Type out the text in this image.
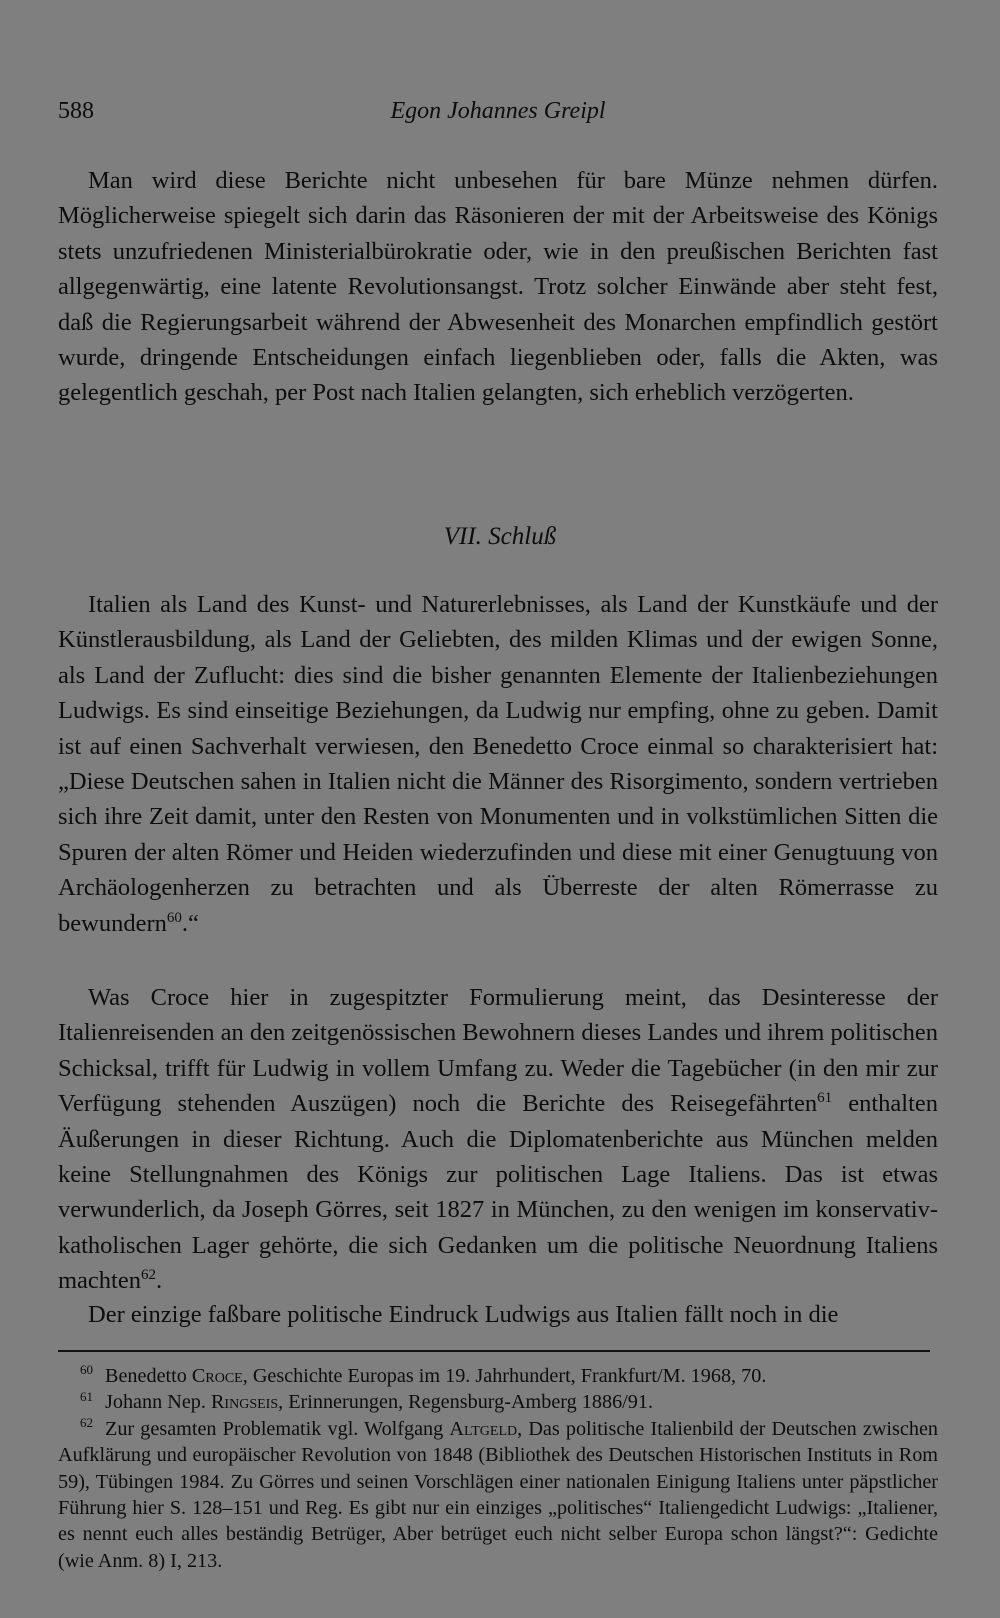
588	Egon Johannes Greipl

Man wird diese Berichte nicht unbesehen für bare Münze nehmen dürfen. Möglicherweise spiegelt sich darin das Räsonieren der mit der Arbeitsweise des Königs stets unzufriedenen Ministerialbürokratie oder, wie in den preußischen Berichten fast allgegenwärtig, eine latente Revolutionsangst. Trotz solcher Einwände aber steht fest, daß die Regierungsarbeit während der Abwesenheit des Monarchen empfindlich gestört wurde, dringende Entscheidungen einfach liegenblieben oder, falls die Akten, was gelegentlich geschah, per Post nach Italien gelangten, sich erheblich verzögerten.

VII. Schluß

Italien als Land des Kunst- und Naturerlebnisses, als Land der Kunstkäufe und der Künstlerausbildung, als Land der Geliebten, des milden Klimas und der ewigen Sonne, als Land der Zuflucht: dies sind die bisher genannten Elemente der Italienbeziehungen Ludwigs. Es sind einseitige Beziehungen, da Ludwig nur empfing, ohne zu geben. Damit ist auf einen Sachverhalt verwiesen, den Benedetto Croce einmal so charakterisiert hat: „Diese Deutschen sahen in Italien nicht die Männer des Risorgimento, sondern vertrieben sich ihre Zeit damit, unter den Resten von Monumenten und in volkstümlichen Sitten die Spuren der alten Römer und Heiden wiederzufinden und diese mit einer Genugtuung von Archäologenherzen zu betrachten und als Überreste der alten Römerrasse zu bewundern$^{60}$.“

Was Croce hier in zugespitzter Formulierung meint, das Desinteresse der Italienreisenden an den zeitgenössischen Bewohnern dieses Landes und ihrem politischen Schicksal, trifft für Ludwig in vollem Umfang zu. Weder die Tagebücher (in den mir zur Verfügung stehenden Auszügen) noch die Berichte des Reisegefährten$^{61}$ enthalten Äußerungen in dieser Richtung. Auch die Diplomatenberichte aus München melden keine Stellungnahmen des Königs zur politischen Lage Italiens. Das ist etwas verwunderlich, da Joseph Görres, seit 1827 in München, zu den wenigen im konservativ-katholischen Lager gehörte, die sich Gedanken um die politische Neuordnung Italiens machten$^{62}$.

Der einzige faßbare politische Eindruck Ludwigs aus Italien fällt noch in die

$^{60}$ Benedetto Croce, Geschichte Europas im 19. Jahrhundert, Frankfurt/M. 1968, 70.

$^{61}$ Johann Nep. Ringseis, Erinnerungen, Regensburg-Amberg 1886/91.

$^{62}$ Zur gesamten Problematik vgl. Wolfgang Altgeld, Das politische Italienbild der Deutschen zwischen Aufklärung und europäischer Revolution von 1848 (Bibliothek des Deutschen Historischen Instituts in Rom 59), Tübingen 1984. Zu Görres und seinen Vorschlägen einer nationalen Einigung Italiens unter päpstlicher Führung hier S. 128–151 und Reg. Es gibt nur ein einziges „politisches“ Italiengedicht Ludwigs: „Italiener, es nennt euch alles beständig Betrüger, Aber betrüget euch nicht selber Europa schon längst?“: Gedichte (wie Anm. 8) I, 213.
